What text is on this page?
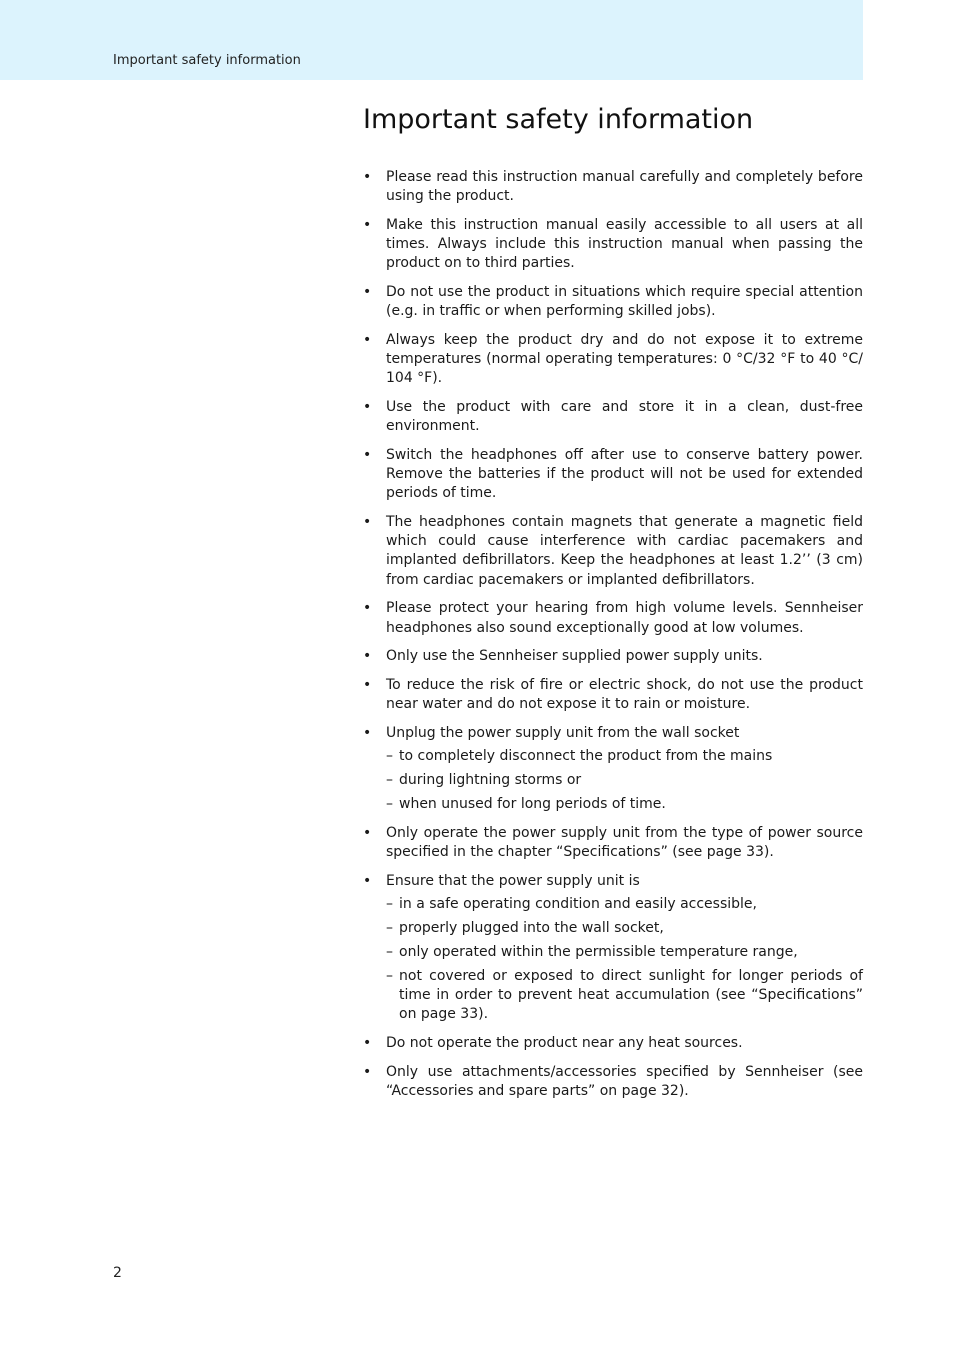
Important safety information
Important safety information
• Please read this instruction manual carefully and completely before using the product.
• Make this instruction manual easily accessible to all users at all times. Always include this instruction manual when passing the product on to third parties.
• Do not use the product in situations which require special attention (e.g. in traffic or when performing skilled jobs).
• Always keep the product dry and do not expose it to extreme temperatures (normal operating temperatures: 0 °C/32 °F to 40 °C/ 104 °F).
• Use the product with care and store it in a clean, dust-free environment.
• Switch the headphones off after use to conserve battery power. Remove the batteries if the product will not be used for extended periods of time.
• The headphones contain magnets that generate a magnetic field which could cause interference with cardiac pacemakers and implanted defibrillators. Keep the headphones at least 1.2’’ (3 cm) from cardiac pacemakers or implanted defibrillators.
• Please protect your hearing from high volume levels. Sennheiser headphones also sound exceptionally good at low volumes.
• Only use the Sennheiser supplied power supply units.
• To reduce the risk of fire or electric shock, do not use the product near water and do not expose it to rain or moisture.
• Unplug the power supply unit from the wall socket
– to completely disconnect the product from the mains
– during lightning storms or
– when unused for long periods of time.
• Only operate the power supply unit from the type of power source specified in the chapter “Specifications” (see page 33).
• Ensure that the power supply unit is
– in a safe operating condition and easily accessible,
– properly plugged into the wall socket,
– only operated within the permissible temperature range,
– not covered or exposed to direct sunlight for longer periods of time in order to prevent heat accumulation (see “Specifications” on page 33).
• Do not operate the product near any heat sources.
• Only use attachments/accessories specified by Sennheiser (see “Accessories and spare parts” on page 32).
2
